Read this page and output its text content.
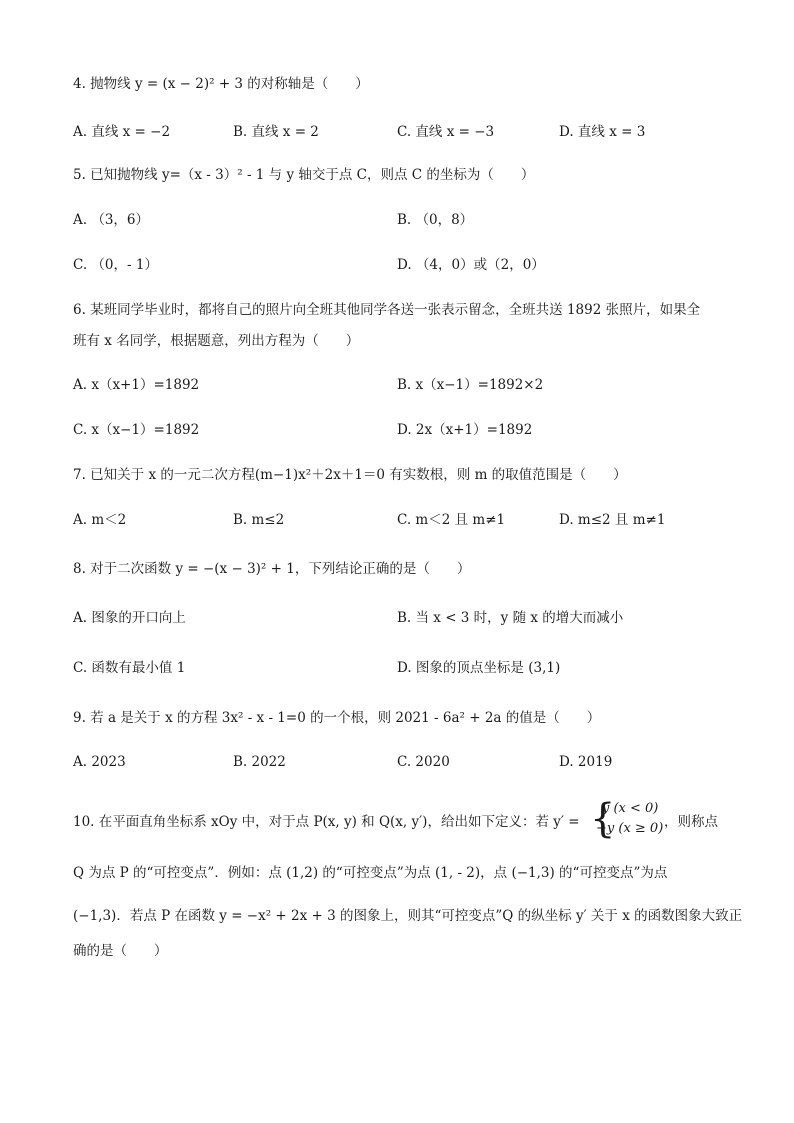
4. 抛物线 y = (x − 2)² + 3 的对称轴是（　　）
A. 直线 x = −2	B. 直线 x = 2	C. 直线 x = −3	D. 直线 x = 3
5. 已知抛物线 y=（x - 3）² - 1 与 y 轴交于点 C，则点 C 的坐标为（　　）
A. （3，6）	B. （0，8）
C. （0，- 1）	D. （4，0）或（2，0）
6. 某班同学毕业时，都将自己的照片向全班其他同学各送一张表示留念，全班共送 1892 张照片，如果全
班有 x 名同学，根据题意，列出方程为（　　）
A. x（x+1）=1892	B. x（x−1）=1892×2
C. x（x−1）=1892	D. 2x（x+1）=1892
7. 已知关于 x 的一元二次方程(m−1)x²＋2x＋1＝0 有实数根，则 m 的取值范围是（　　）
A. m＜2	B. m≤2	C. m＜2 且 m≠1	D. m≤2 且 m≠1
8. 对于二次函数 y = −(x − 3)² + 1，下列结论正确的是（　　）
A. 图象的开口向上	B. 当 x < 3 时，y 随 x 的增大而减小
C. 函数有最小值 1	D. 图象的顶点坐标是 (3,1)
9. 若 a 是关于 x 的方程 3x² - x - 1=0 的一个根，则 2021 - 6a² + 2a 的值是（　　）
A. 2023	B. 2022	C. 2020	D. 2019
10. 在平面直角坐标系 xOy 中，对于点 P(x, y) 和 Q(x, y′)，给出如下定义：若 y′ = {
y (x < 0)
−y (x ≥ 0) ，则称点
Q 为点 P 的“可控变点”．例如：点 (1,2) 的“可控变点”为点 (1, - 2)，点 (−1,3) 的“可控变点”为点
(−1,3)．若点 P 在函数 y = −x² + 2x + 3 的图象上，则其“可控变点”Q 的纵坐标 y′ 关于 x 的函数图象大致正
确的是（　　）
